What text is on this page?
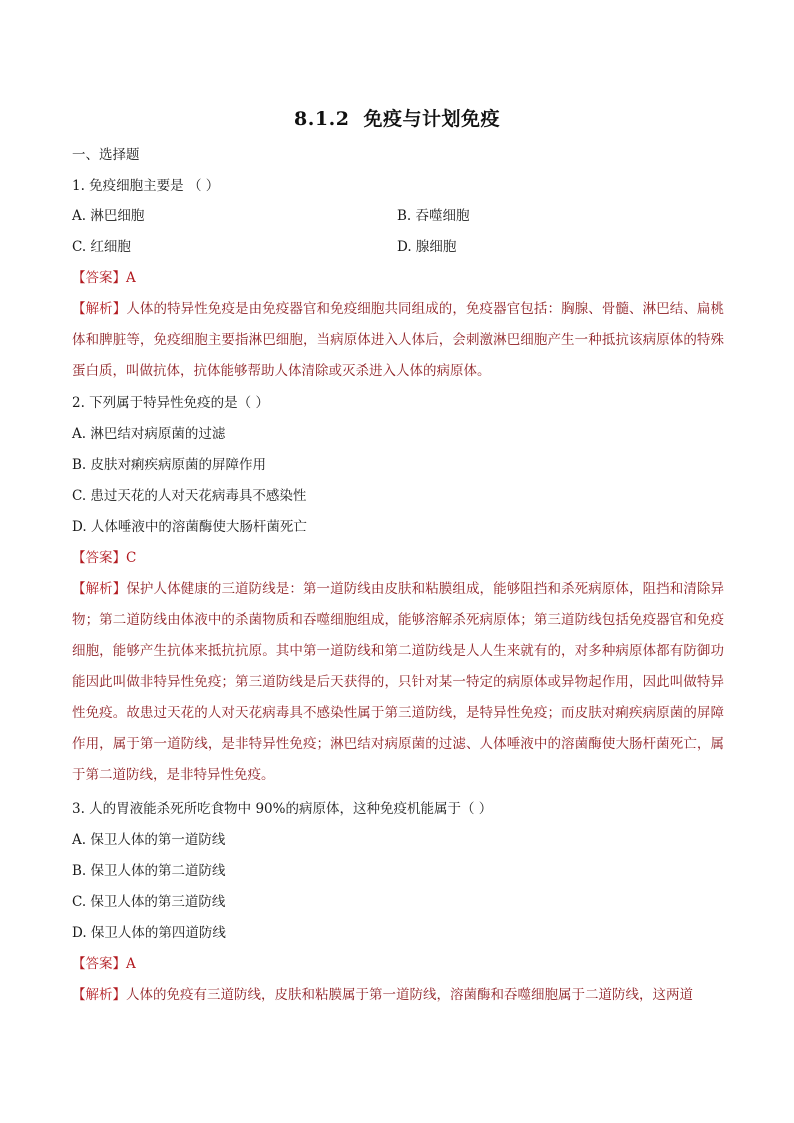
8.1.2 免疫与计划免疫
一、选择题
1. 免疫细胞主要是 （ ）
A. 淋巴细胞	B. 吞噬细胞
C. 红细胞	D. 腺细胞
【答案】A
【解析】人体的特异性免疫是由免疫器官和免疫细胞共同组成的，免疫器官包括：胸腺、骨髓、淋巴结、扁桃体和脾脏等，免疫细胞主要指淋巴细胞，当病原体进入人体后，会刺激淋巴细胞产生一种抵抗该病原体的特殊蛋白质，叫做抗体，抗体能够帮助人体清除或灭杀进入人体的病原体。
2. 下列属于特异性免疫的是（ ）
A. 淋巴结对病原菌的过滤
B. 皮肤对痢疾病原菌的屏障作用
C. 患过天花的人对天花病毒具不感染性
D. 人体唾液中的溶菌酶使大肠杆菌死亡
【答案】C
【解析】保护人体健康的三道防线是：第一道防线由皮肤和粘膜组成，能够阻挡和杀死病原体，阻挡和清除异物；第二道防线由体液中的杀菌物质和吞噬细胞组成，能够溶解杀死病原体；第三道防线包括免疫器官和免疫细胞，能够产生抗体来抵抗抗原。其中第一道防线和第二道防线是人人生来就有的，对多种病原体都有防御功能因此叫做非特异性免疫；第三道防线是后天获得的，只针对某一特定的病原体或异物起作用，因此叫做特异性免疫。故患过天花的人对天花病毒具不感染性属于第三道防线，是特异性免疫；而皮肤对痢疾病原菌的屏障作用，属于第一道防线，是非特异性免疫；淋巴结对病原菌的过滤、人体唾液中的溶菌酶使大肠杆菌死亡，属于第二道防线，是非特异性免疫。
3. 人的胃液能杀死所吃食物中 90%的病原体，这种免疫机能属于（ ）
A. 保卫人体的第一道防线
B. 保卫人体的第二道防线
C. 保卫人体的第三道防线
D. 保卫人体的第四道防线
【答案】A
【解析】人体的免疫有三道防线，皮肤和粘膜属于第一道防线，溶菌酶和吞噬细胞属于二道防线，这两道
